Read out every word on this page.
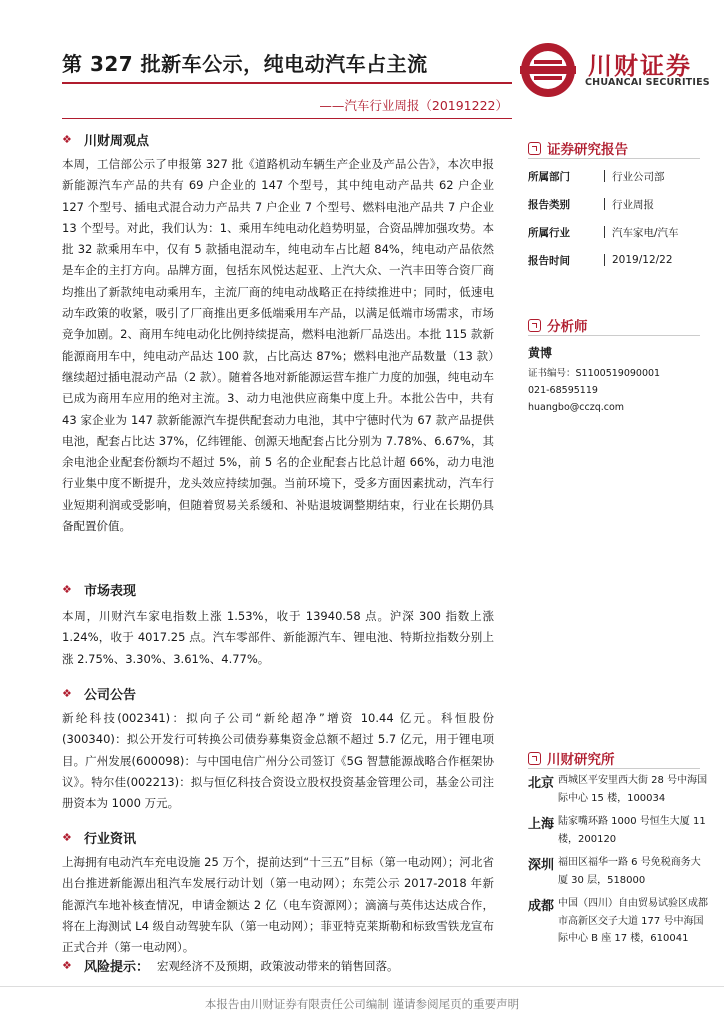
第 327 批新车公示，纯电动汽车占主流
——汽车行业周报（20191222）
川财证券
CHUANCAI SECURITIES
❖ 川财周观点
本周，工信部公示了申报第 327 批《道路机动车辆生产企业及产品公告》，本次申报新能源汽车产品的共有 69 户企业的 147 个型号，其中纯电动产品共 62 户企业 127 个型号、插电式混合动力产品共 7 户企业 7 个型号、燃料电池产品共 7 户企业 13 个型号。对此，我们认为：1、乘用车纯电动化趋势明显，合资品牌加强攻势。本批 32 款乘用车中，仅有 5 款插电混动车，纯电动车占比超 84%，纯电动产品依然是车企的主打方向。品牌方面，包括东风悦达起亚、上汽大众、一汽丰田等合资厂商均推出了新款纯电动乘用车，主流厂商的纯电动战略正在持续推进中；同时，低速电动车政策的收紧，吸引了厂商推出更多低端乘用车产品，以满足低端市场需求，市场竞争加剧。2、商用车纯电动化比例持续提高，燃料电池新厂品迭出。本批 115 款新能源商用车中，纯电动产品达 100 款，占比高达 87%；燃料电池产品数量（13 款）继续超过插电混动产品（2 款）。随着各地对新能源运营车推广力度的加强，纯电动车已成为商用车应用的绝对主流。3、动力电池供应商集中度上升。本批公告中，共有 43 家企业为 147 款新能源汽车提供配套动力电池，其中宁德时代为 67 款产品提供电池，配套占比达 37%，亿纬锂能、创源天地配套占比分别为 7.78%、6.67%，其余电池企业配套份额均不超过 5%，前 5 名的企业配套占比总计超 66%，动力电池行业集中度不断提升，龙头效应持续加强。当前环境下，受多方面因素扰动，汽车行业短期利润或受影响，但随着贸易关系缓和、补贴退坡调整期结束，行业在长期仍具备配置价值。
❖ 市场表现
本周，川财汽车家电指数上涨 1.53%，收于 13940.58 点。沪深 300 指数上涨 1.24%，收于 4017.25 点。汽车零部件、新能源汽车、锂电池、特斯拉指数分别上涨 2.75%、3.30%、3.61%、4.77%。
❖ 公司公告
新纶科技(002341)：拟向子公司“新纶超净”增资 10.44 亿元。科恒股份(300340)：拟公开发行可转换公司债券募集资金总额不超过 5.7 亿元，用于锂电项目。广州发展(600098)：与中国电信广州分公司签订《5G 智慧能源战略合作框架协议》。特尔佳(002213)：拟与恒亿科技合资设立股权投资基金管理公司，基金公司注册资本为 1000 万元。
❖ 行业资讯
上海拥有电动汽车充电设施 25 万个，提前达到“十三五”目标（第一电动网）；河北省出台推进新能源出租汽车发展行动计划（第一电动网）；东莞公示 2017-2018 年新能源汽车地补核查情况，申请金额达 2 亿（电车资源网）；滴滴与英伟达达成合作，将在上海测试 L4 级自动驾驶车队（第一电动网）；菲亚特克莱斯勒和标致雪铁龙宣布正式合并（第一电动网）。
❖ 风险提示： 宏观经济不及预期，政策波动带来的销售回落。
证券研究报告
所属部门	行业公司部
报告类别	行业周报
所属行业	汽车家电/汽车
报告时间	2019/12/22
分析师
黄博
证书编号：S1100519090001
021-68595119
huangbo@cczq.com
川财研究所
北京 西城区平安里西大街 28 号中海国际中心 15 楼，100034
上海 陆家嘴环路 1000 号恒生大厦 11 楼，200120
深圳 福田区福华一路 6 号免税商务大厦 30 层，518000
成都 中国（四川）自由贸易试验区成都市高新区交子大道 177 号中海国际中心 B 座 17 楼，610041
本报告由川财证券有限责任公司编制 谨请参阅尾页的重要声明
